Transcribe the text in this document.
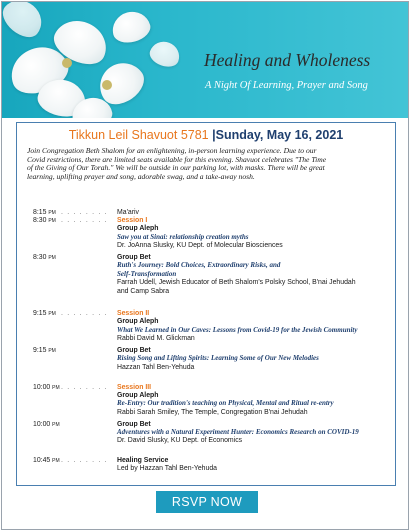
Healing and Wholeness
A Night Of Learning, Prayer and Song
Tikkun Leil Shavuot 5781 |Sunday, May 16, 2021

Join Congregation Beth Shalom for an enlightening, in-person learning experience. Due to our

Covid restrictions, there are limited seats available for this evening. Shavuot celebrates "The Time

of the Giving of Our Torah." We will be outside in our parking lot, with masks. There will be great

learning, uplifting prayer and song, adorable swag, and a take-away nosh.

8:15 PM . . . . . . . . Ma'ariv
8:30 PM . . . . . . . . Session I
Group Aleph
Saw you at Sinai: relationship creation myths
Dr. JoAnna Slusky, KU Dept. of Molecular Biosciences
8:30 PM	Group Bet
Ruth's Journey: Bold Choices, Extraordinary Risks, and
Self-Transformation
Farrah Udell, Jewish Educator of Beth Shalom's Polsky School, B'nai Jehudah
and Camp Sabra
9:15 PM . . . . . . . . Session II
Group Aleph
What We Learned in Our Caves: Lessons from Covid-19 for the Jewish Community
Rabbi David M. Glickman
9:15 PM	Group Bet
Rising Song and Lifting Spirits: Learning Some of Our New Melodies
Hazzan Tahl Ben-Yehuda
10:00 PM . . . . . . . . Session III
Group Aleph
Re-Entry: Our tradition's teaching on Physical, Mental and Ritual re-entry
Rabbi Sarah Smiley, The Temple, Congregation B'nai Jehudah
10:00 PM	Group Bet
Adventures with a Natural Experiment Hunter: Economics Research on COVID-19
Dr. David Slusky, KU Dept. of Economics
10:45 PM . . . . . . . . Healing Service
Led by Hazzan Tahl Ben-Yehuda
RSVP NOW
